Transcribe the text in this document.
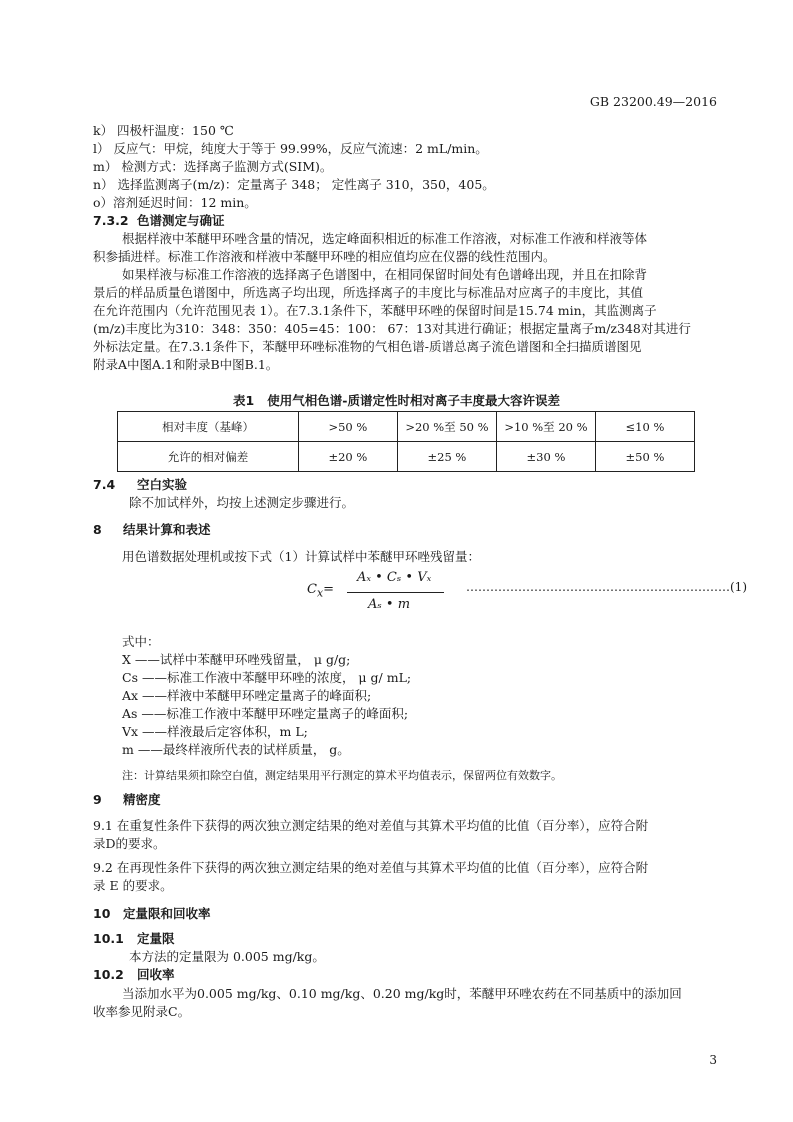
GB 23200.49—2016
k） 四极杆温度：150 ℃
l） 反应气：甲烷，纯度大于等于 99.99%，反应气流速：2 mL/min。
m） 检测方式：选择离子监测方式(SIM)。
n） 选择监测离子(m/z)：定量离子 348； 定性离子 310，350，405。
o）溶剂延迟时间：12 min。
7.3.2 色谱测定与确证
根据样液中苯醚甲环唑含量的情况，选定峰面积相近的标准工作溶液，对标准工作液和样液等体
积参插进样。标准工作溶液和样液中苯醚甲环唑的相应值均应在仪器的线性范围内。
如果样液与标准工作溶液的选择离子色谱图中，在相同保留时间处有色谱峰出现，并且在扣除背
景后的样品质量色谱图中，所选离子均出现，所选择离子的丰度比与标准品对应离子的丰度比，其值
在允许范围内（允许范围见表 1）。在7.3.1条件下，苯醚甲环唑的保留时间是15.74 min，其监测离子
(m/z)丰度比为310：348：350：405=45：100： 67：13对其进行确证；根据定量离子m/z348对其进行
外标法定量。在7.3.1条件下，苯醚甲环唑标准物的气相色谱-质谱总离子流色谱图和全扫描质谱图见
附录A中图A.1和附录B中图B.1。
表1 使用气相色谱-质谱定性时相对离子丰度最大容许误差
相对丰度（基峰）	>50 %	>20 %至 50 %	>10 %至 20 %	≤10 %
允许的相对偏差	±20 %	±25 %	±30 %	±50 %
7.4 空白实验
除不加试样外，均按上述测定步骤进行。
8 结果计算和表述
用色谱数据处理机或按下式（1）计算试样中苯醚甲环唑残留量：
$C_x=$
Aₓ • Cₛ • Vₓ
Aₛ • m
…………………………………………………………(1)
式中：
X ——试样中苯醚甲环唑残留量， μ g/g;
Cs ——标准工作液中苯醚甲环唑的浓度， μ g/ mL;
Ax ——样液中苯醚甲环唑定量离子的峰面积;
As ——标准工作液中苯醚甲环唑定量离子的峰面积;
Vx ——样液最后定容体积，m L;
m ——最终样液所代表的试样质量， g。
注：计算结果须扣除空白值，测定结果用平行测定的算术平均值表示，保留两位有效数字。
9 精密度
9.1 在重复性条件下获得的两次独立测定结果的绝对差值与其算术平均值的比值（百分率），应符合附
录D的要求。
9.2 在再现性条件下获得的两次独立测定结果的绝对差值与其算术平均值的比值（百分率），应符合附
录 E 的要求。
10 定量限和回收率
10.1 定量限
本方法的定量限为 0.005 mg/kg。
10.2 回收率
当添加水平为0.005 mg/kg、0.10 mg/kg、0.20 mg/kg时，苯醚甲环唑农药在不同基质中的添加回
收率参见附录C。
3
